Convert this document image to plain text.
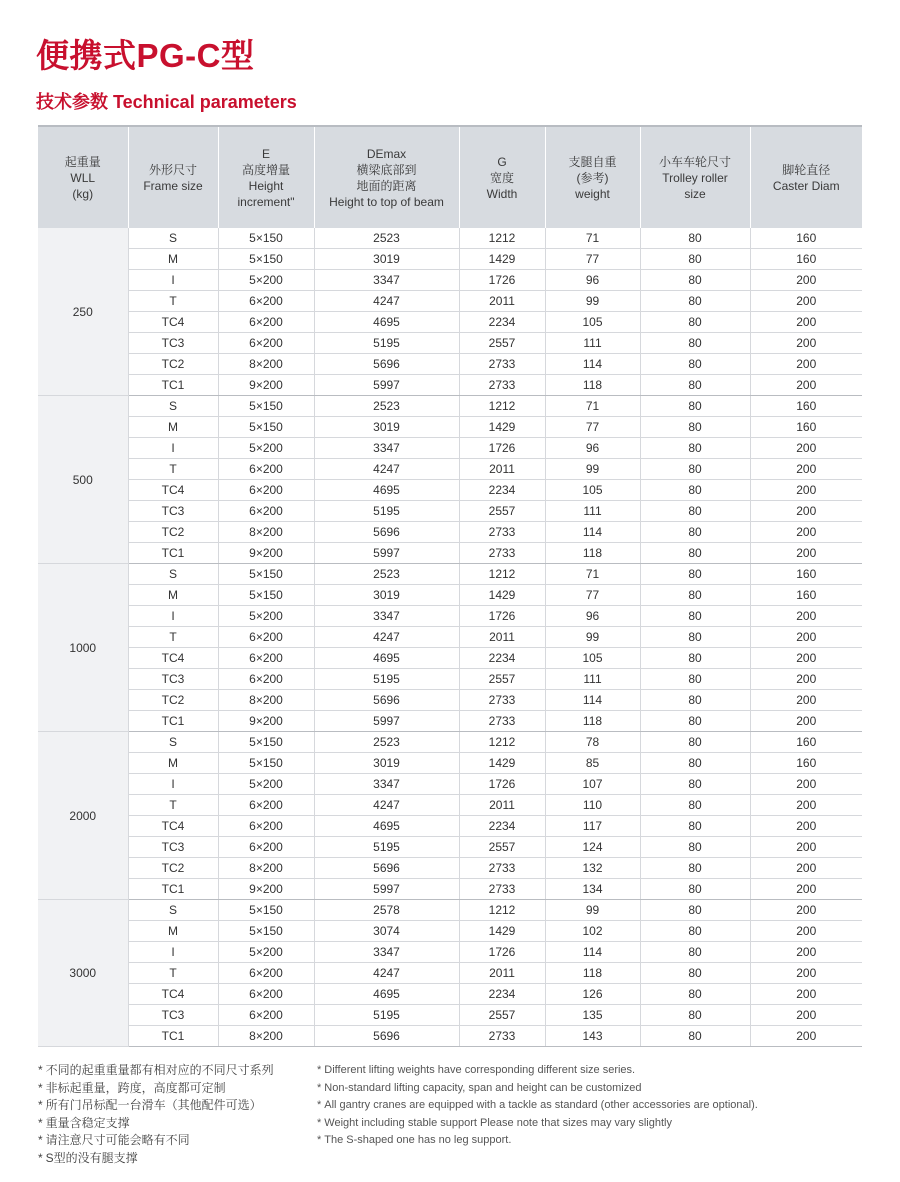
便携式PG-C型
技术参数 Technical parameters
起重量
WLL
(kg)	外形尺寸
Frame size	E
高度增量
Height
increment"	DEmax
横梁底部到
地面的距离
Height to top of beam	G
宽度
Width	支腿自重
(参考)
weight	小车车轮尺寸
Trolley roller
size	脚轮直径
Caster Diam

250	S	5×150	2523	1212	71	80	160
	M	5×150	3019	1429	77	80	160
	I	5×200	3347	1726	96	80	200
	T	6×200	4247	2011	99	80	200
	TC4	6×200	4695	2234	105	80	200
	TC3	6×200	5195	2557	111	80	200
	TC2	8×200	5696	2733	114	80	200
	TC1	9×200	5997	2733	118	80	200
500	S	5×150	2523	1212	71	80	160
	M	5×150	3019	1429	77	80	160
	I	5×200	3347	1726	96	80	200
	T	6×200	4247	2011	99	80	200
	TC4	6×200	4695	2234	105	80	200
	TC3	6×200	5195	2557	111	80	200
	TC2	8×200	5696	2733	114	80	200
	TC1	9×200	5997	2733	118	80	200
1000	S	5×150	2523	1212	71	80	160
	M	5×150	3019	1429	77	80	160
	I	5×200	3347	1726	96	80	200
	T	6×200	4247	2011	99	80	200
	TC4	6×200	4695	2234	105	80	200
	TC3	6×200	5195	2557	111	80	200
	TC2	8×200	5696	2733	114	80	200
	TC1	9×200	5997	2733	118	80	200
2000	S	5×150	2523	1212	78	80	160
	M	5×150	3019	1429	85	80	160
	I	5×200	3347	1726	107	80	200
	T	6×200	4247	2011	110	80	200
	TC4	6×200	4695	2234	117	80	200
	TC3	6×200	5195	2557	124	80	200
	TC2	8×200	5696	2733	132	80	200
	TC1	9×200	5997	2733	134	80	200
3000	S	5×150	2578	1212	99	80	200
	M	5×150	3074	1429	102	80	200
	I	5×200	3347	1726	114	80	200
	T	6×200	4247	2011	118	80	200
	TC4	6×200	4695	2234	126	80	200
	TC3	6×200	5195	2557	135	80	200
	TC1	8×200	5696	2733	143	80	200
* 不同的起重重量都有相对应的不同尺寸系列
* 非标起重量，跨度，高度都可定制
* 所有门吊标配一台滑车（其他配件可选）
* 重量含稳定支撑
* 请注意尺寸可能会略有不同
* S型的没有腿支撑
* Different lifting weights have corresponding different size series.
* Non-standard lifting capacity, span and height can be customized
* All gantry cranes are equipped with a tackle as standard (other accessories are optional).
* Weight including stable support Please note that sizes may vary slightly
* The S-shaped one has no leg support.
